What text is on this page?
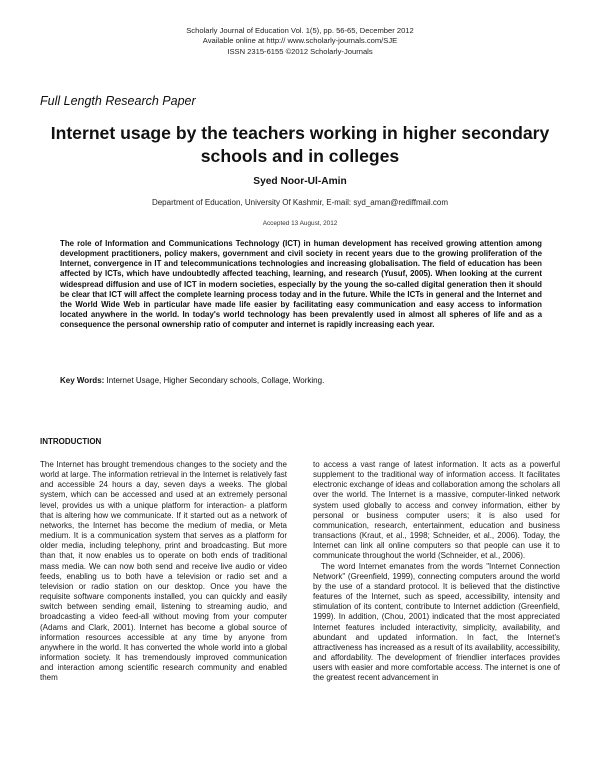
Scholarly Journal of Education Vol. 1(5), pp. 56-65, December 2012
Available online at http:// www.scholarly-journals.com/SJE
ISSN 2315-6155 ©2012 Scholarly-Journals
Full Length Research Paper
Internet usage by the teachers working in higher secondary schools and in colleges
Syed Noor-Ul-Amin
Department of Education, University Of Kashmir, E-mail: syd_aman@rediffmail.com
Accepted 13 August, 2012
The role of Information and Communications Technology (ICT) in human development has received growing attention among development practitioners, policy makers, government and civil society in recent years due to the growing proliferation of the Internet, convergence in IT and telecommunications technologies and increasing globalisation. The field of education has been affected by ICTs, which have undoubtedly affected teaching, learning, and research (Yusuf, 2005). When looking at the current widespread diffusion and use of ICT in modern societies, especially by the young the so-called digital generation then it should be clear that ICT will affect the complete learning process today and in the future. While the ICTs in general and the Internet and the World Wide Web in particular have made life easier by facilitating easy communication and easy access to information located anywhere in the world. In today's world technology has been prevalently used in almost all spheres of life and as a consequence the personal ownership ratio of computer and internet is rapidly increasing each year.
Key Words: Internet Usage, Higher Secondary schools, Collage, Working.
INTRODUCTION

The Internet has brought tremendous changes to the society and the world at large. The information retrieval in the Internet is relatively fast and accessible 24 hours a day, seven days a weeks. The global system, which can be accessed and used at an extremely personal level, provides us with a unique platform for interaction- a platform that is altering how we communicate. If it started out as a network of networks, the Internet has become the medium of media, or Meta medium. It is a communication system that serves as a platform for older media, including telephony, print and broadcasting. But more than that, it now enables us to operate on both ends of traditional mass media. We can now both send and receive live audio or video feeds, enabling us to both have a television or radio set and a television or radio station on our desktop. Once you have the requisite software components installed, you can quickly and easily switch between sending email, listening to streaming audio, and broadcasting a video feed-all without moving from your computer (Adams and Clark, 2001). Internet has become a global source of information resources accessible at any time by anyone from anywhere in the world. It has converted the whole world into a global information society. It has tremendously improved communication and interaction among scientific research community and enabled them

to access a vast range of latest information. It acts as a powerful supplement to the traditional way of information access. It facilitates electronic exchange of ideas and collaboration among the scholars all over the world. The Internet is a massive, computer-linked network system used globally to access and convey information, either by personal or business computer users; it is also used for communication, research, entertainment, education and business transactions (Kraut, et al., 1998; Schneider, et al., 2006). Today, the Internet can link all online computers so that people can use it to communicate throughout the world (Schneider, et al., 2006).

The word Internet emanates from the words "Internet Connection Network" (Greenfield, 1999), connecting computers around the world by the use of a standard protocol. It is believed that the distinctive features of the Internet, such as speed, accessibility, intensity and stimulation of its content, contribute to Internet addiction (Greenfield, 1999). In addition, (Chou, 2001) indicated that the most appreciated Internet features included interactivity, simplicity, availability, and abundant and updated information. In fact, the Internet's attractiveness has increased as a result of its availability, accessibility, and affordability. The development of friendlier interfaces provides users with easier and more comfortable access. The internet is one of the greatest recent advancement in
